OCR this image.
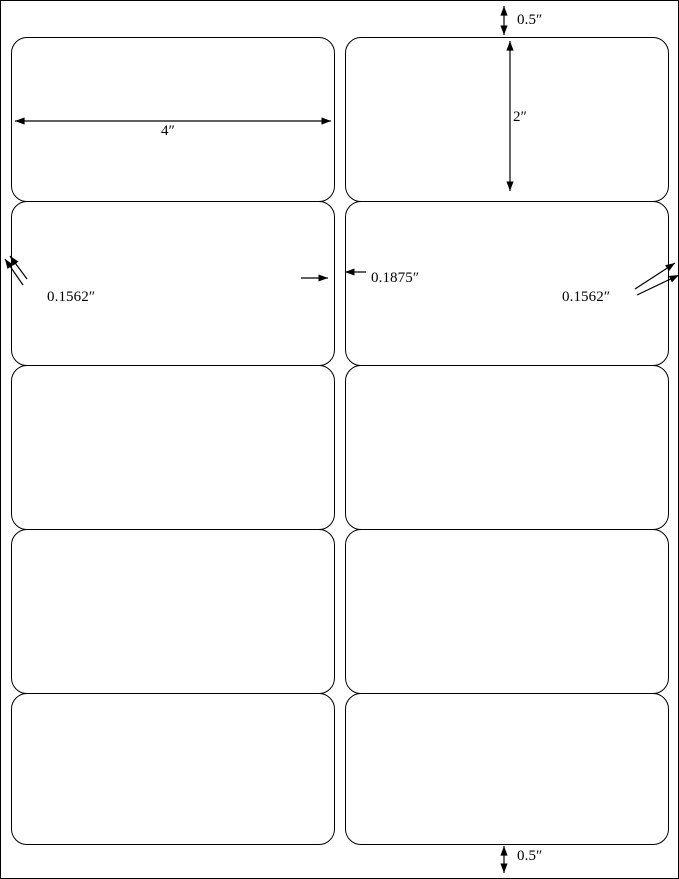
0.5″
0.5″
4″
2″
0.1562″
0.1875″
0.1562″
